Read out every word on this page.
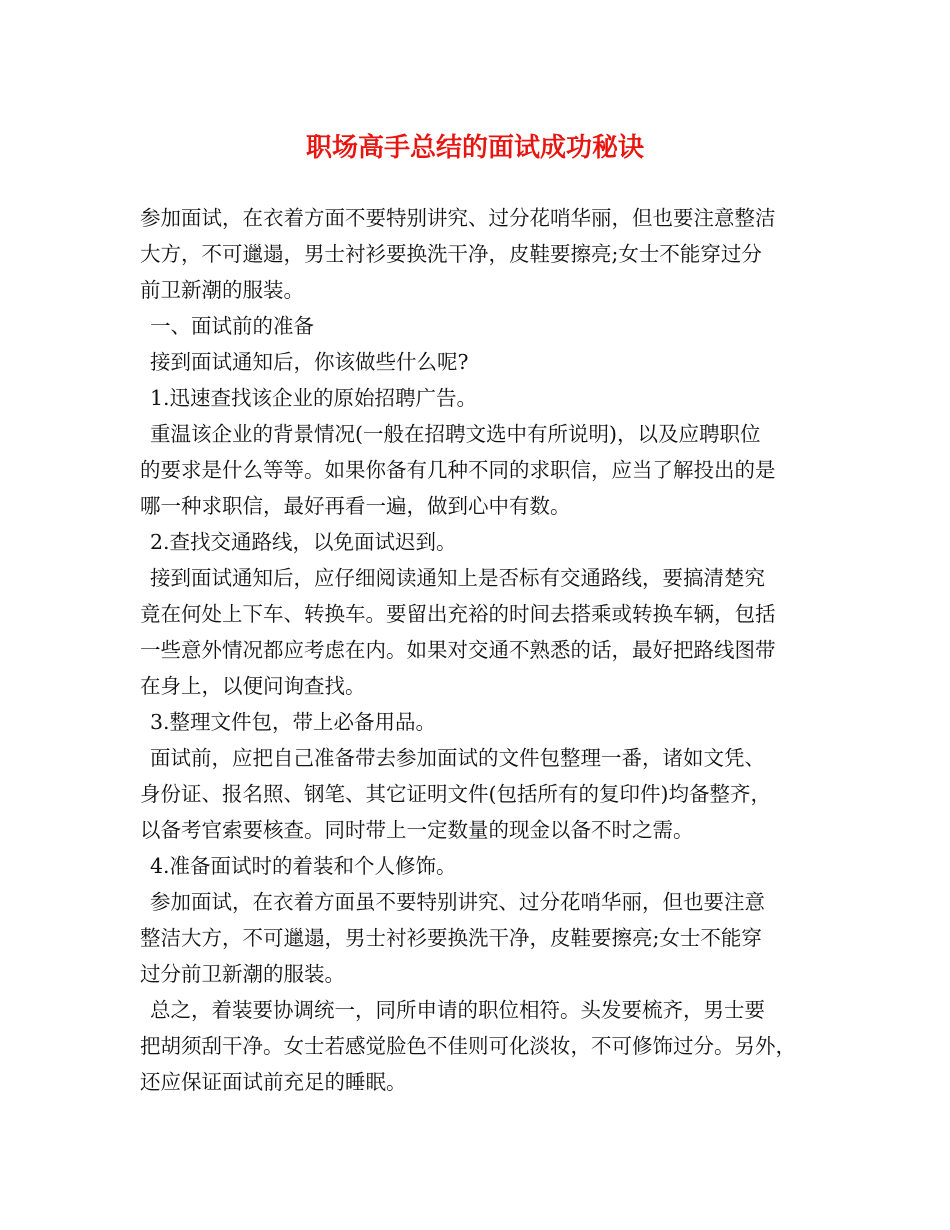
职场高手总结的面试成功秘诀
参加面试，在衣着方面不要特别讲究、过分花哨华丽，但也要注意整洁
大方，不可邋遢，男士衬衫要换洗干净，皮鞋要擦亮;女士不能穿过分
前卫新潮的服装。
一、面试前的准备
接到面试通知后，你该做些什么呢?
1.迅速查找该企业的原始招聘广告。
重温该企业的背景情况(一般在招聘文选中有所说明)，以及应聘职位
的要求是什么等等。如果你备有几种不同的求职信，应当了解投出的是
哪一种求职信，最好再看一遍，做到心中有数。
2.查找交通路线，以免面试迟到。
接到面试通知后，应仔细阅读通知上是否标有交通路线，要搞清楚究
竟在何处上下车、转换车。要留出充裕的时间去搭乘或转换车辆，包括
一些意外情况都应考虑在内。如果对交通不熟悉的话，最好把路线图带
在身上，以便问询查找。
3.整理文件包，带上必备用品。
面试前，应把自己准备带去参加面试的文件包整理一番，诸如文凭、
身份证、报名照、钢笔、其它证明文件(包括所有的复印件)均备整齐，
以备考官索要核查。同时带上一定数量的现金以备不时之需。
4.准备面试时的着装和个人修饰。
参加面试，在衣着方面虽不要特别讲究、过分花哨华丽，但也要注意
整洁大方，不可邋遢，男士衬衫要换洗干净，皮鞋要擦亮;女士不能穿
过分前卫新潮的服装。
总之，着装要协调统一，同所申请的职位相符。头发要梳齐，男士要
把胡须刮干净。女士若感觉脸色不佳则可化淡妆，不可修饰过分。另外，
还应保证面试前充足的睡眠。
